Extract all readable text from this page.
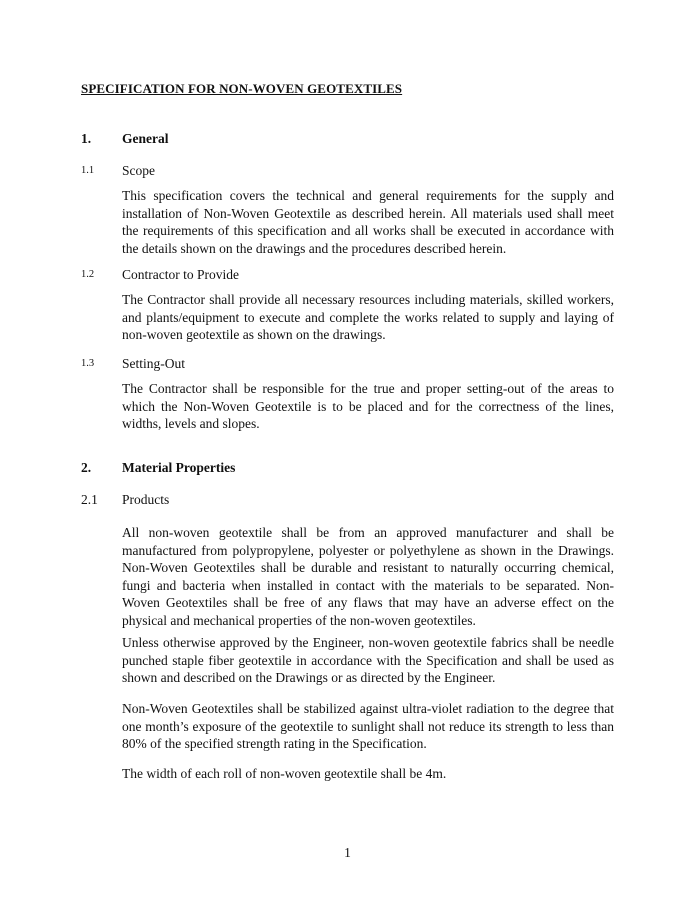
SPECIFICATION FOR NON-WOVEN GEOTEXTILES
1. General
1.1 Scope
This specification covers the technical and general requirements for the supply and installation of Non-Woven Geotextile as described herein. All materials used shall meet the requirements of this specification and all works shall be executed in accordance with the details shown on the drawings and the procedures described herein.
1.2 Contractor to Provide
The Contractor shall provide all necessary resources including materials, skilled workers, and plants/equipment to execute and complete the works related to supply and laying of non-woven geotextile as shown on the drawings.
1.3 Setting-Out
The Contractor shall be responsible for the true and proper setting-out of the areas to which the Non-Woven Geotextile is to be placed and for the correctness of the lines, widths, levels and slopes.
2. Material Properties
2.1 Products
All non-woven geotextile shall be from an approved manufacturer and shall be manufactured from polypropylene, polyester or polyethylene as shown in the Drawings. Non-Woven Geotextiles shall be durable and resistant to naturally occurring chemical, fungi and bacteria when installed in contact with the materials to be separated. Non-Woven Geotextiles shall be free of any flaws that may have an adverse effect on the physical and mechanical properties of the non-woven geotextiles.
Unless otherwise approved by the Engineer, non-woven geotextile fabrics shall be needle punched staple fiber geotextile in accordance with the Specification and shall be used as shown and described on the Drawings or as directed by the Engineer.
Non-Woven Geotextiles shall be stabilized against ultra-violet radiation to the degree that one month’s exposure of the geotextile to sunlight shall not reduce its strength to less than 80% of the specified strength rating in the Specification.
The width of each roll of non-woven geotextile shall be 4m.
1
